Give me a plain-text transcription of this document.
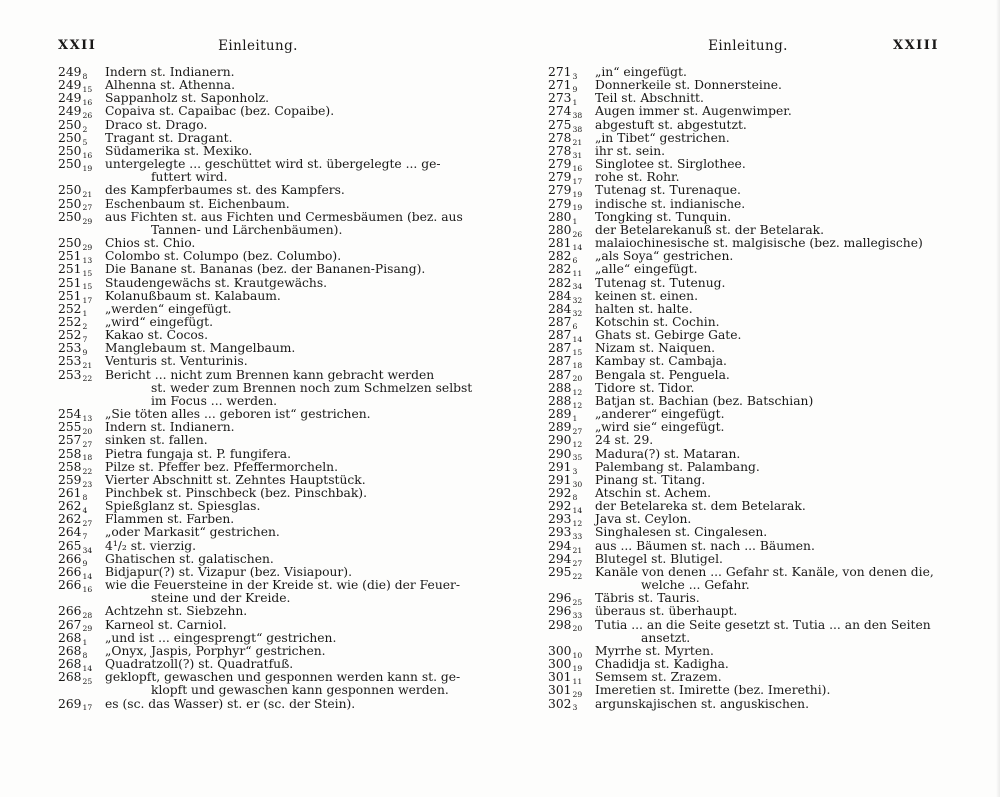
XXII	Einleitung.	Einleitung.	XXIII
$249_8$	Indern st. Indianern.
$249_{15}$	Alhenna st. Athenna.
$249_{16}$	Sappanholz st. Saponholz.
$249_{26}$	Copaiva st. Capaibac (bez. Copaibe).
$250_2$	Draco st. Drago.
$250_5$	Tragant st. Dragant.
$250_{16}$	Südamerika st. Mexiko.
$250_{19}$	untergelegte ... geschüttet wird st. übergelegte ... ge-
futtert wird.
$250_{21}$	des Kampferbaumes st. des Kampfers.
$250_{27}$	Eschenbaum st. Eichenbaum.
$250_{29}$	aus Fichten st. aus Fichten und Cermesbäumen (bez. aus
Tannen- und Lärchenbäumen).
$250_{29}$	Chios st. Chio.
$251_{13}$	Colombo st. Columpo (bez. Columbo).
$251_{15}$	Die Banane st. Bananas (bez. der Bananen-Pisang).
$251_{15}$	Staudengewächs st. Krautgewächs.
$251_{17}$	Kolanußbaum st. Kalabaum.
$252_1$	„werden“ eingefügt.
$252_2$	„wird“ eingefügt.
$252_7$	Kakao st. Cocos.
$253_9$	Manglebaum st. Mangelbaum.
$253_{21}$	Venturis st. Venturinis.
$253_{22}$	Bericht ... nicht zum Brennen kann gebracht werden
st. weder zum Brennen noch zum Schmelzen selbst
im Focus ... werden.
$254_{13}$	„Sie töten alles ... geboren ist“ gestrichen.
$255_{20}$	Indern st. Indianern.
$257_{27}$	sinken st. fallen.
$258_{18}$	Pietra fungaja st. P. fungifera.
$258_{22}$	Pilze st. Pfeffer bez. Pfeffermorcheln.
$259_{23}$	Vierter Abschnitt st. Zehntes Hauptstück.
$261_8$	Pinchbek st. Pinschbeck (bez. Pinschbak).
$262_4$	Spießglanz st. Spiesglas.
$262_{27}$	Flammen st. Farben.
$264_7$	„oder Markasit“ gestrichen.
$265_{34}$	4¹/₂ st. vierzig.
$266_9$	Ghatischen st. galatischen.
$266_{14}$	Bidjapur(?) st. Vizapur (bez. Visiapour).
$266_{16}$	wie die Feuersteine in der Kreide st. wie (die) der Feuer-
steine und der Kreide.
$266_{28}$	Achtzehn st. Siebzehn.
$267_{29}$	Karneol st. Carniol.
$268_1$	„und ist ... eingesprengt“ gestrichen.
$268_8$	„Onyx, Jaspis, Porphyr“ gestrichen.
$268_{14}$	Quadratzoll(?) st. Quadratfuß.
$268_{25}$	geklopft, gewaschen und gesponnen werden kann st. ge-
klopft und gewaschen kann gesponnen werden.
$269_{17}$	es (sc. das Wasser) st. er (sc. der Stein).
$271_3$	„in“ eingefügt.
$271_9$	Donnerkeile st. Donnersteine.
$273_1$	Teil st. Abschnitt.
$274_{38}$	Augen immer st. Augenwimper.
$275_{38}$	abgestuft st. abgestutzt.
$278_{21}$	„in Tibet“ gestrichen.
$278_{31}$	ihr st. sein.
$279_{16}$	Singlotee st. Sirglothee.
$279_{17}$	rohe st. Rohr.
$279_{19}$	Tutenag st. Turenaque.
$279_{19}$	indische st. indianische.
$280_1$	Tongking st. Tunquin.
$280_{26}$	der Betelarekanuß st. der Betelarak.
$281_{14}$	malaiochinesische st. malgisische (bez. mallegische)
$282_6$	„als Soya“ gestrichen.
$282_{11}$	„alle“ eingefügt.
$282_{34}$	Tutenag st. Tutenug.
$284_{32}$	keinen st. einen.
$284_{32}$	halten st. halte.
$287_6$	Kotschin st. Cochin.
$287_{14}$	Ghats st. Gebirge Gate.
$287_{15}$	Nizam st. Naiquen.
$287_{18}$	Kambay st. Cambaja.
$287_{20}$	Bengala st. Penguela.
$288_{12}$	Tidore st. Tidor.
$288_{12}$	Batjan st. Bachian (bez. Batschian)
$289_1$	„anderer“ eingefügt.
$289_{27}$	„wird sie“ eingefügt.
$290_{12}$	24 st. 29.
$290_{35}$	Madura(?) st. Mataran.
$291_3$	Palembang st. Palambang.
$291_{30}$	Pinang st. Titang.
$292_8$	Atschin st. Achem.
$292_{14}$	der Betelareka st. dem Betelarak.
$293_{12}$	Java st. Ceylon.
$293_{33}$	Singhalesen st. Cingalesen.
$294_{21}$	aus ... Bäumen st. nach ... Bäumen.
$294_{27}$	Blutegel st. Blutigel.
$295_{22}$	Kanäle von denen ... Gefahr st. Kanäle, von denen die,
welche ... Gefahr.
$296_{25}$	Täbris st. Tauris.
$296_{33}$	überaus st. überhaupt.
$298_{20}$	Tutia ... an die Seite gesetzt st. Tutia ... an den Seiten
ansetzt.
$300_{10}$	Myrrhe st. Myrten.
$300_{19}$	Chadidja st. Kadigha.
$301_{11}$	Semsem st. Zrazem.
$301_{29}$	Imeretien st. Imirette (bez. Imerethi).
$302_3$	argunskajischen st. anguskischen.
